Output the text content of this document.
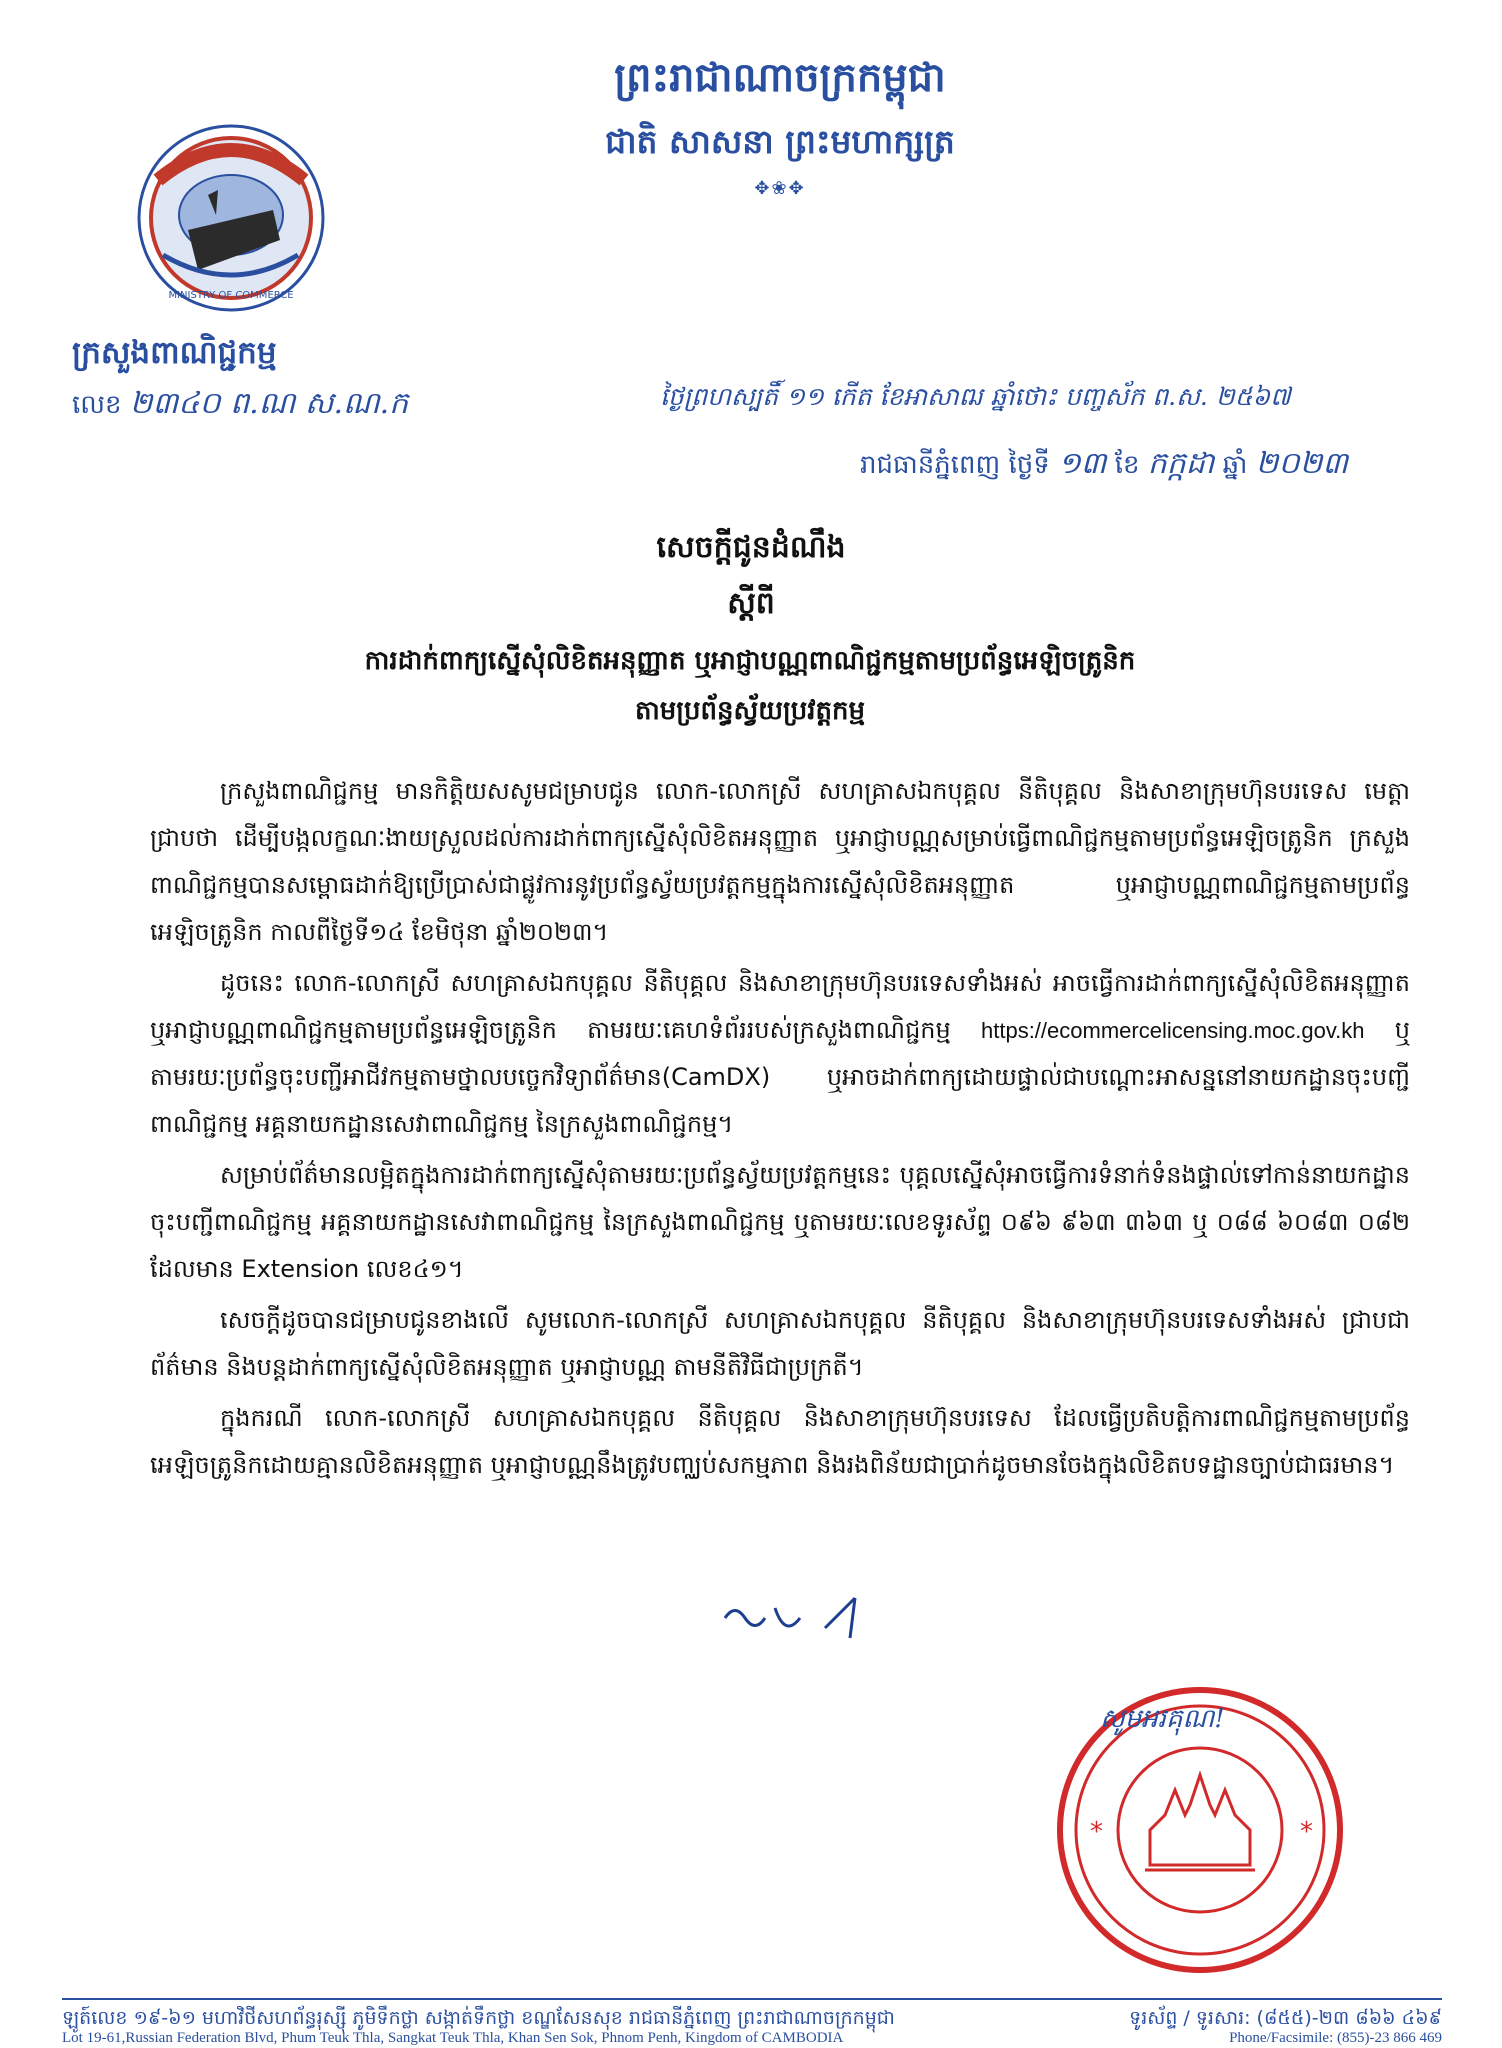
MINISTRY OF COMMERCE
ព្រះរាជាណាចក្រកម្ពុជា
ជាតិ សាសនា ព្រះមហាក្សត្រ
✥❀✥
ក្រសួងពាណិជ្ជកម្ម
លេខ ២៣៤០ ព.ណ ស.ណ.ក	ថ្ងៃព្រហស្បតិ៍ ១១ កើត ខែអាសាឍ ឆ្នាំថោះ បញ្ចស័ក ព.ស. ២៥៦៧
រាជធានីភ្នំពេញ ថ្ងៃទី ១៣ ខែ កក្កដា ឆ្នាំ ២០២៣
សេចក្តីជូនដំណឹង
ស្តីពី
ការដាក់ពាក្យស្នើសុំលិខិតអនុញ្ញាត ឬអាជ្ញាបណ្ណពាណិជ្ជកម្មតាមប្រព័ន្ធអេឡិចត្រូនិក
តាមប្រព័ន្ធស្វ័យប្រវត្តកម្ម

ក្រសួងពាណិជ្ជកម្ម មានកិត្តិយសសូមជម្រាបជូន លោក-លោកស្រី សហគ្រាសឯកបុគ្គល នីតិបុគ្គល និងសាខាក្រុមហ៊ុនបរទេស មេត្តាជ្រាបថា ដើម្បីបង្កលក្ខណៈងាយស្រួលដល់ការដាក់ពាក្យស្នើសុំលិខិតអនុញ្ញាត ឬអាជ្ញាបណ្ណសម្រាប់ធ្វើពាណិជ្ជកម្មតាមប្រព័ន្ធអេឡិចត្រូនិក ក្រសួងពាណិជ្ជកម្មបានសម្ពោធដាក់ឱ្យប្រើប្រាស់ជាផ្លូវការនូវប្រព័ន្ធស្វ័យប្រវត្តកម្មក្នុងការស្នើសុំលិខិតអនុញ្ញាត ឬអាជ្ញាបណ្ណពាណិជ្ជកម្មតាមប្រព័ន្ធអេឡិចត្រូនិក កាលពីថ្ងៃទី១៤ ខែមិថុនា ឆ្នាំ២០២៣។

ដូចនេះ លោក-លោកស្រី សហគ្រាសឯកបុគ្គល នីតិបុគ្គល និងសាខាក្រុមហ៊ុនបរទេសទាំងអស់ អាចធ្វើការដាក់ពាក្យស្នើសុំលិខិតអនុញ្ញាត ឬអាជ្ញាបណ្ណពាណិជ្ជកម្មតាមប្រព័ន្ធអេឡិចត្រូនិក តាមរយៈគេហទំព័ររបស់ក្រសួងពាណិជ្ជកម្ម https://ecommercelicensing.moc.gov.kh ឬតាមរយៈប្រព័ន្ធចុះបញ្ជីអាជីវកម្មតាមថ្នាលបច្ចេកវិទ្យាព័ត៌មាន(CamDX) ឬអាចដាក់ពាក្យដោយផ្ទាល់ជាបណ្តោះអាសន្ននៅនាយកដ្ឋានចុះបញ្ជីពាណិជ្ជកម្ម អគ្គនាយកដ្ឋានសេវាពាណិជ្ជកម្ម នៃក្រសួងពាណិជ្ជកម្ម។

សម្រាប់ព័ត៌មានលម្អិតក្នុងការដាក់ពាក្យស្នើសុំតាមរយៈប្រព័ន្ធស្វ័យប្រវត្តកម្មនេះ បុគ្គលស្នើសុំអាចធ្វើការទំនាក់ទំនងផ្ទាល់ទៅកាន់នាយកដ្ឋានចុះបញ្ជីពាណិជ្ជកម្ម អគ្គនាយកដ្ឋានសេវាពាណិជ្ជកម្ម នៃក្រសួងពាណិជ្ជកម្ម ឬតាមរយៈលេខទូរស័ព្ទ ០៩៦ ៩៦៣ ៣៦៣ ឬ ០៨៨ ៦០៨៣ ០៨២ ដែលមាន Extension លេខ៤១។

សេចក្តីដូចបានជម្រាបជូនខាងលើ សូមលោក-លោកស្រី សហគ្រាសឯកបុគ្គល នីតិបុគ្គល និងសាខាក្រុមហ៊ុនបរទេសទាំងអស់ ជ្រាបជាព័ត៌មាន និងបន្តដាក់ពាក្យស្នើសុំលិខិតអនុញ្ញាត ឬអាជ្ញាបណ្ណ តាមនីតិវិធីជាប្រក្រតី។

ក្នុងករណី លោក-លោកស្រី សហគ្រាសឯកបុគ្គល នីតិបុគ្គល និងសាខាក្រុមហ៊ុនបរទេស ដែលធ្វើប្រតិបត្តិការពាណិជ្ជកម្មតាមប្រព័ន្ធអេឡិចត្រូនិកដោយគ្មានលិខិតអនុញ្ញាត ឬអាជ្ញាបណ្ណនឹងត្រូវបញ្ឈប់សកម្មភាព និងរងពិន័យជាប្រាក់ដូចមានចែងក្នុងលិខិតបទដ្ឋានច្បាប់ជាធរមាន។

*	*
សូមអរគុណ!
ឡូត៍លេខ ១៩-៦១ មហាវិថីសហព័ន្ធរុស្ស៊ី ភូមិទឹកថ្លា សង្កាត់ទឹកថ្លា ខណ្ឌសែនសុខ រាជធានីភ្នំពេញ ព្រះរាជាណាចក្រកម្ពុជា	ទូរស័ព្ទ / ទូរសារ: (៨៥៥)-២៣ ៨៦៦ ៤៦៩
Lot 19-61,Russian Federation Blvd, Phum Teuk Thla, Sangkat Teuk Thla, Khan Sen Sok, Phnom Penh, Kingdom of CAMBODIA	Phone/Facsimile: (855)-23 866 469
